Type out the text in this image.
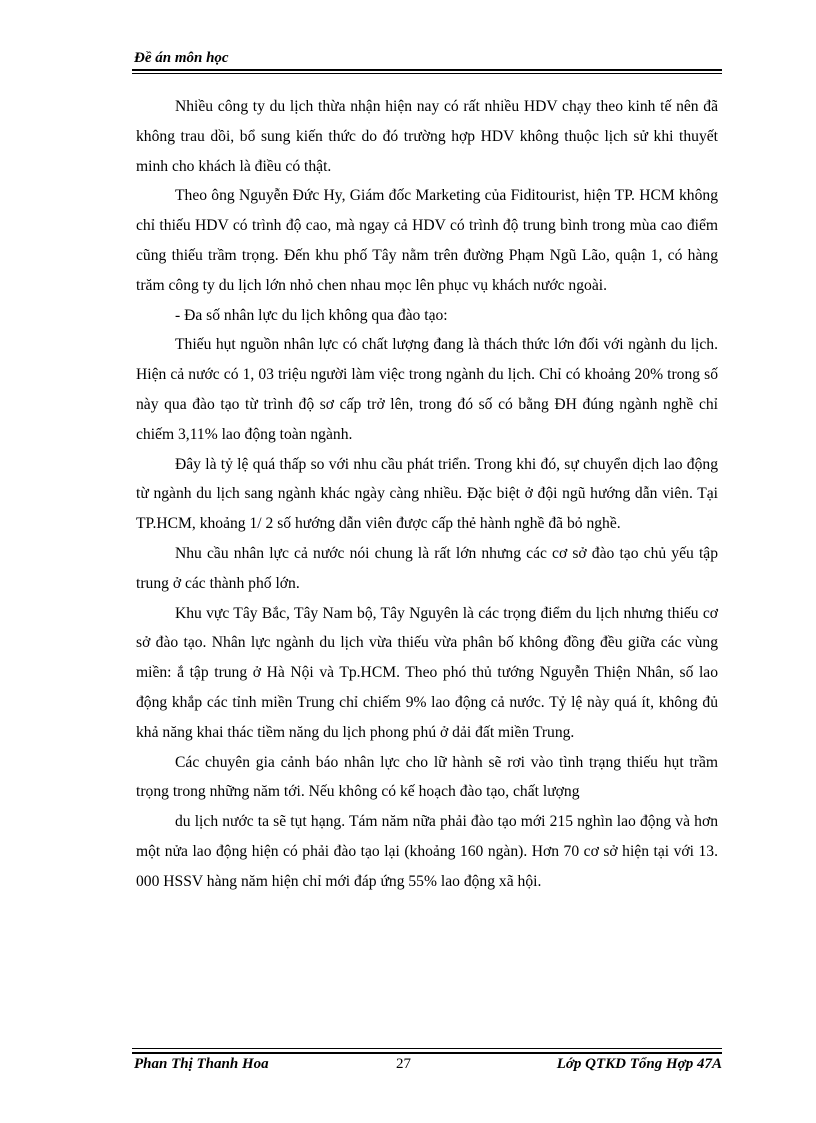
Đề án môn học

Nhiều công ty du lịch thừa nhận hiện nay có rất nhiều HDV chạy theo kinh tế nên đã không trau dồi, bổ sung kiến thức do đó trường hợp HDV không thuộc lịch sử khi thuyết minh cho khách là điều có thật.

Theo ông Nguyễn Đức Hy, Giám đốc Marketing của Fiditourist, hiện TP. HCM không chỉ thiếu HDV có trình độ cao, mà ngay cả HDV có trình độ trung bình trong mùa cao điểm cũng thiếu trầm trọng. Đến khu phố Tây nằm trên đường Phạm Ngũ Lão, quận 1, có hàng trăm công ty du lịch lớn nhỏ chen nhau mọc lên phục vụ khách nước ngoài.

- Đa số nhân lực du lịch không qua đào tạo:

Thiếu hụt nguồn nhân lực có chất lượng đang là thách thức lớn đối với ngành du lịch. Hiện cả nước có 1, 03 triệu người làm việc trong ngành du lịch. Chỉ có khoảng 20% trong số này qua đào tạo từ trình độ sơ cấp trở lên, trong đó số có bằng ĐH đúng ngành nghề chỉ chiếm 3,11% lao động toàn ngành.

Đây là tỷ lệ quá thấp so với nhu cầu phát triển. Trong khi đó, sự chuyển dịch lao động từ ngành du lịch sang ngành khác ngày càng nhiều. Đặc biệt ở đội ngũ hướng dẫn viên. Tại TP.HCM, khoảng 1/ 2 số hướng dẫn viên được cấp thẻ hành nghề đã bỏ nghề.

Nhu cầu nhân lực cả nước nói chung là rất lớn nhưng các cơ sở đào tạo chủ yếu tập trung ở các thành phố lớn.

Khu vực Tây Bắc, Tây Nam bộ, Tây Nguyên là các trọng điểm du lịch nhưng thiếu cơ sở đào tạo. Nhân lực ngành du lịch vừa thiếu vừa phân bố không đồng đều giữa các vùng miền: ắ tập trung ở Hà Nội và Tp.HCM. Theo phó thủ tướng Nguyễn Thiện Nhân, số lao động khắp các tỉnh miền Trung chỉ chiếm 9% lao động cả nước. Tỷ lệ này quá ít, không đủ khả năng khai thác tiềm năng du lịch phong phú ở dải đất miền Trung.

Các chuyên gia cảnh báo nhân lực cho lữ hành sẽ rơi vào tình trạng thiếu hụt trầm trọng trong những năm tới. Nếu không có kế hoạch đào tạo, chất lượng

du lịch nước ta sẽ tụt hạng. Tám năm nữa phải đào tạo mới 215 nghìn lao động và hơn một nửa lao động hiện có phải đào tạo lại (khoảng 160 ngàn). Hơn 70 cơ sở hiện tại với 13. 000 HSSV hàng năm hiện chỉ mới đáp ứng 55% lao động xã hội.

Phan Thị Thanh Hoa	27	Lớp QTKD Tổng Hợp 47A
